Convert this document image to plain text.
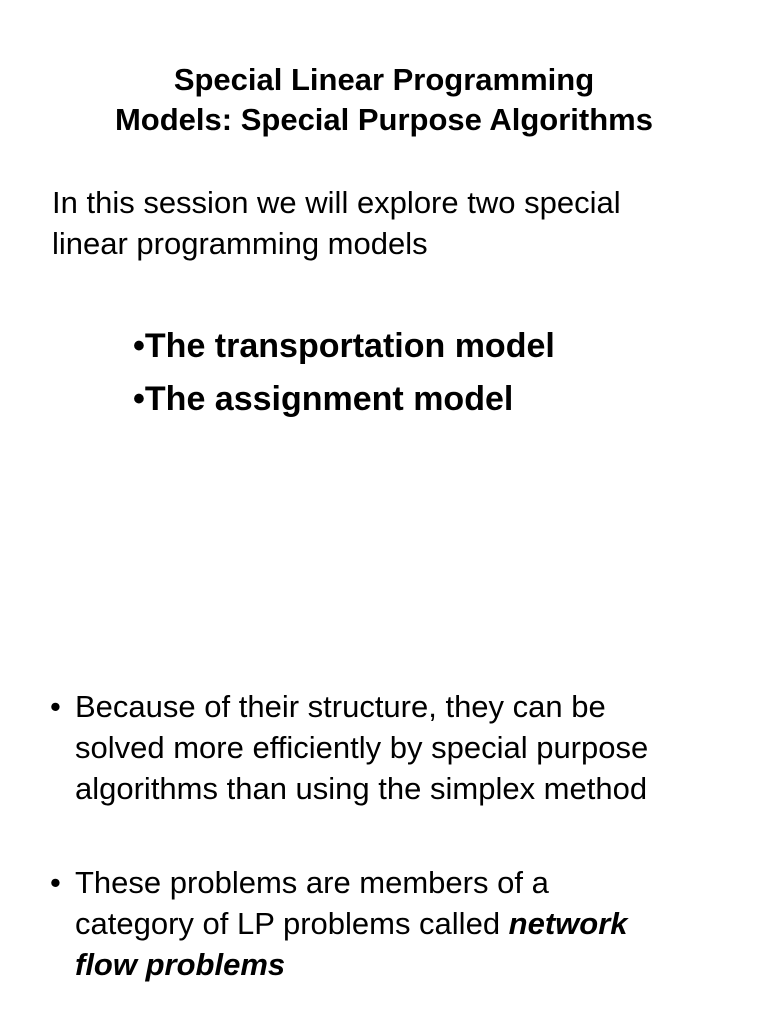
Special Linear Programming
Models: Special Purpose Algorithms

In this session we will explore two special
linear programming models

•The transportation model
•The assignment model
• Because of their structure, they can be
solved more efficiently by special purpose
algorithms than using the simplex method
• These problems are members of a
category of LP problems called network
flow problems
